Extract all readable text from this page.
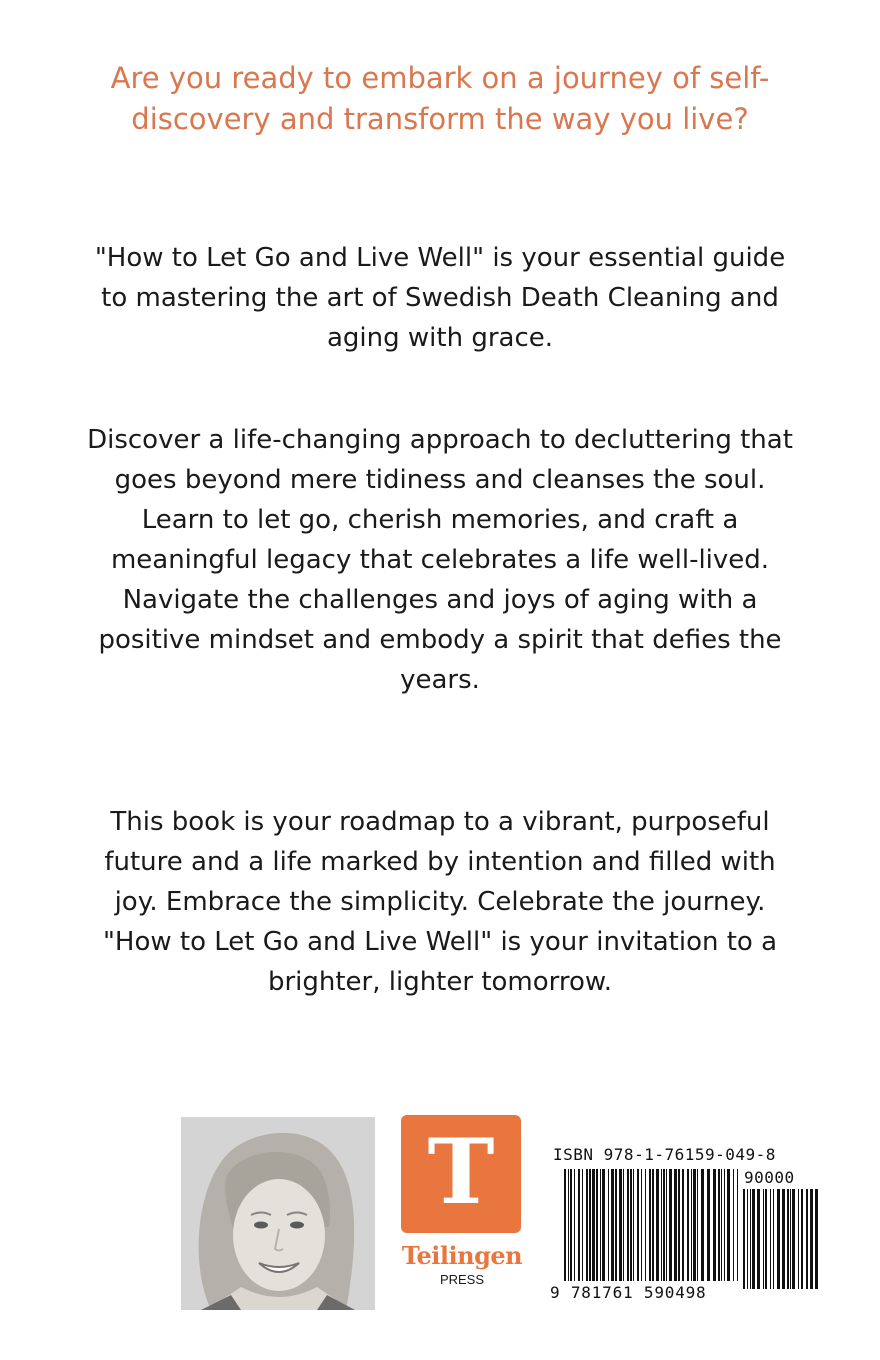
Are you ready to embark on a journey of self-discovery and transform the way you live?

"How to Let Go and Live Well" is your essential guide to mastering the art of Swedish Death Cleaning and aging with grace.

Discover a life-changing approach to decluttering that goes beyond mere tidiness and cleanses the soul. Learn to let go, cherish memories, and craft a meaningful legacy that celebrates a life well-lived. Navigate the challenges and joys of aging with a positive mindset and embody a spirit that defies the years.

This book is your roadmap to a vibrant, purposeful future and a life marked by intention and filled with joy. Embrace the simplicity. Celebrate the journey. "How to Let Go and Live Well" is your invitation to a brighter, lighter tomorrow.

T
Teilingen
PRESS
ISBN 978-1-76159-049-8
90000
9 781761 590498
